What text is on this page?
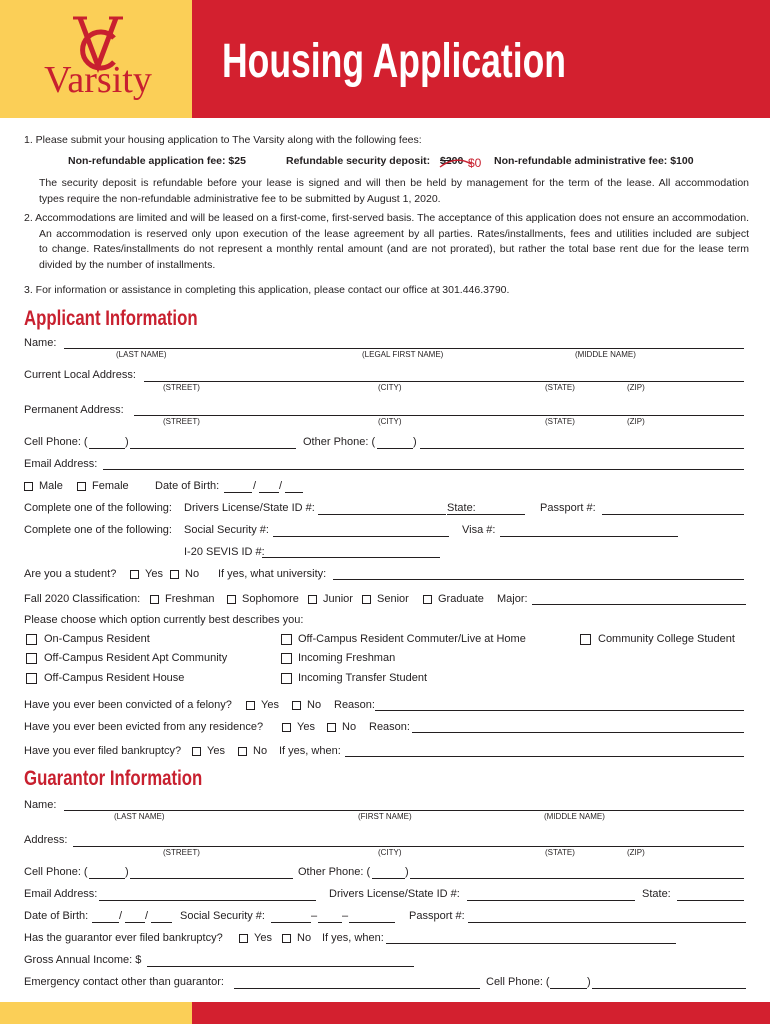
Varsity Housing Application
1. Please submit your housing application to The Varsity along with the following fees:
Non-refundable application fee: $25	Refundable security deposit: $200 $0 Non-refundable administrative fee: $100
The security deposit is refundable before your lease is signed and will then be held by management for the term of the lease. All accommodation
types require the non-refundable administrative fee to be submitted by August 1, 2020.
2. Accommodations are limited and will be leased on a first-come, first-served basis. The acceptance of this application does not ensure an accommodation.
An accommodation is reserved only upon execution of the lease agreement by all parties. Rates/installments, fees and utilities included are subject
to change. Rates/installments do not represent a monthly rental amount (and are not prorated), but rather the total base rent due for the lease term
divided by the number of installments.
3. For information or assistance in completing this application, please contact our office at 301.446.3790.
Applicant Information
Name:
(LAST NAME)	(LEGAL FIRST NAME)	(MIDDLE NAME)
Current Local Address:
(STREET)	(CITY)	(STATE)	(ZIP)
Permanent Address:
(STREET)	(CITY)	(STATE)	(ZIP)
Cell Phone: (	)	Other Phone: (	)
Email Address:
Male	Female Date of Birth:	/ /
Complete one of the following: Drivers License/State ID #:	State:	Passport #:
Complete one of the following: Social Security #:	Visa #:
I-20 SEVIS ID #:
Are you a student?	Yes No If yes, what university:
Fall 2020 Classification: Freshman Sophomore Junior Senior	Graduate Major:
Please choose which option currently best describes you:
On-Campus Resident	Off-Campus Resident Commuter/Live at Home	Community College Student
Off-Campus Resident Apt Community	Incoming Freshman
Off-Campus Resident House	Incoming Transfer Student
Have you ever been convicted of a felony?	Yes	No Reason:
Have you ever been evicted from any residence?	Yes No Reason:
Have you ever filed bankruptcy? Yes	No If yes, when:
Guarantor Information
Name:
(LAST NAME)	(FIRST NAME)	(MIDDLE NAME)
Address:
(STREET)	(CITY)	(STATE)	(ZIP)
Cell Phone: (	)	Other Phone: (	)
Email Address:	Drivers License/State ID #:	State:
Date of Birth:	/ /	Social Security #:	– –	Passport #:
Has the guarantor ever filed bankruptcy?	Yes No If yes, when:
Gross Annual Income: $
Emergency contact other than guarantor:	Cell Phone: (	)
